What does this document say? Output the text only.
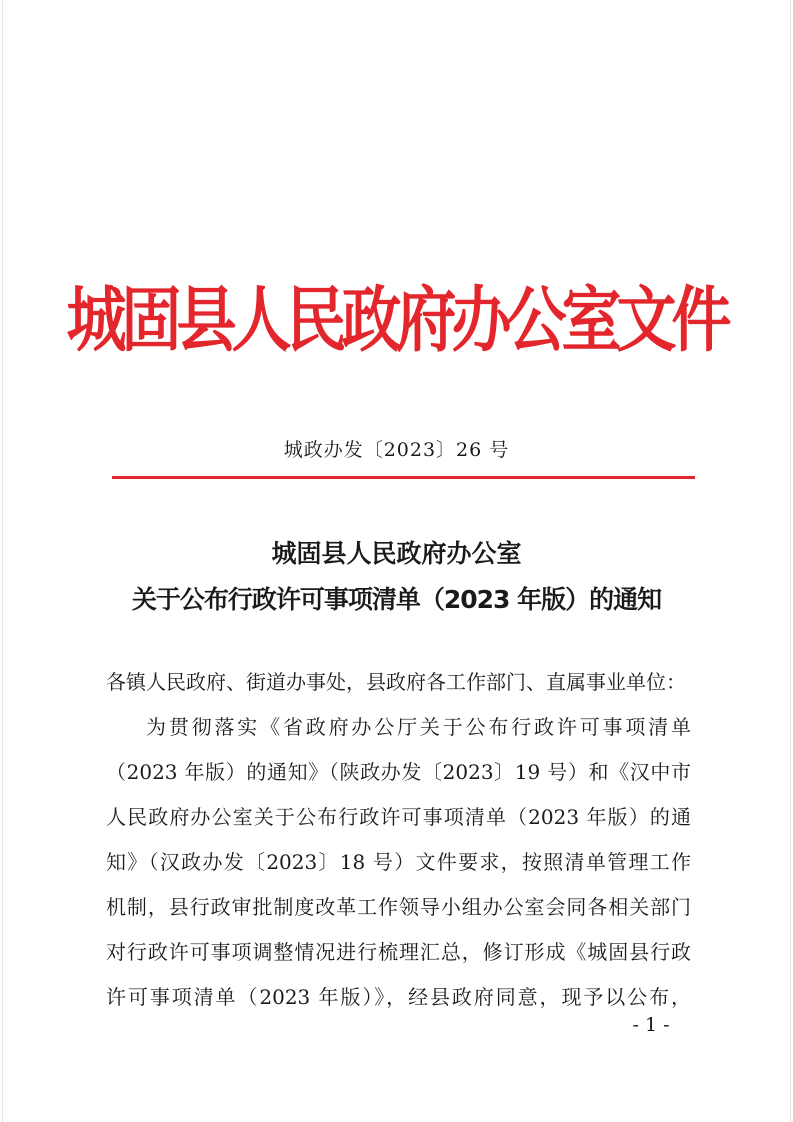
城固县人民政府办公室文件
城政办发〔2023〕26 号
城固县人民政府办公室
关于公布行政许可事项清单（2023 年版）的通知
各镇人民政府、街道办事处，县政府各工作部门、直属事业单位：
为贯彻落实《省政府办公厅关于公布行政许可事项清单
（2023 年版）的通知》（陕政办发〔2023〕19 号）和《汉中市
人民政府办公室关于公布行政许可事项清单（2023 年版）的通
知》（汉政办发〔2023〕18 号）文件要求，按照清单管理工作
机制，县行政审批制度改革工作领导小组办公室会同各相关部门
对行政许可事项调整情况进行梳理汇总，修订形成《城固县行政
许可事项清单（2023 年版）》，经县政府同意，现予以公布，
- 1 -
